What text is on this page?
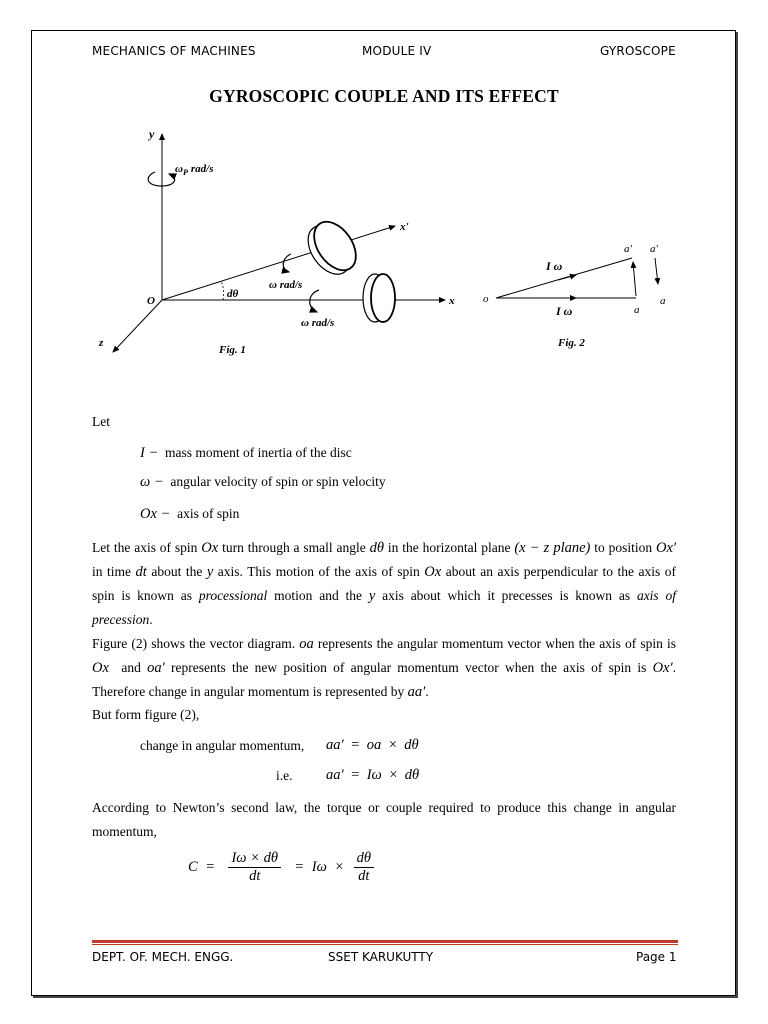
MECHANICS OF MACHINES	MODULE IV	GYROSCOPE
GYROSCOPIC COUPLE AND ITS EFFECT
y
$\omega_P$ rad/s
x'
x
O
z
dθ
ω rad/s
ω rad/s
Fig. 1
I ω
I ω
o
a
a' a'
a
Fig. 2
Let
I − mass moment of inertia of the disc
ω − angular velocity of spin or spin velocity
Ox − axis of spin
Let the axis of spin Ox turn through a small angle dθ in the horizontal plane (x − z plane) to position Ox′ in time dt about the y axis. This motion of the axis of spin Ox about an axis perpendicular to the axis of spin is known as processional motion and the y axis about which it precesses is known as axis of precession.
Figure (2) shows the vector diagram. oa represents the angular momentum vector when the axis of spin is Ox and oa′ represents the new position of angular momentum vector when the axis of spin is Ox′. Therefore change in angular momentum is represented by aa′.
But form figure (2),
change in angular momentum, aa′ = oa × dθ
i.e. aa′ = Iω × dθ
According to Newton’s second law, the torque or couple required to produce this change in angular momentum,
$C = \frac{I\omega \times d\theta}{dt} = I\omega \times \frac{d\theta}{dt}$
DEPT. OF. MECH. ENGG.	SSET KARUKUTTY	Page 1
